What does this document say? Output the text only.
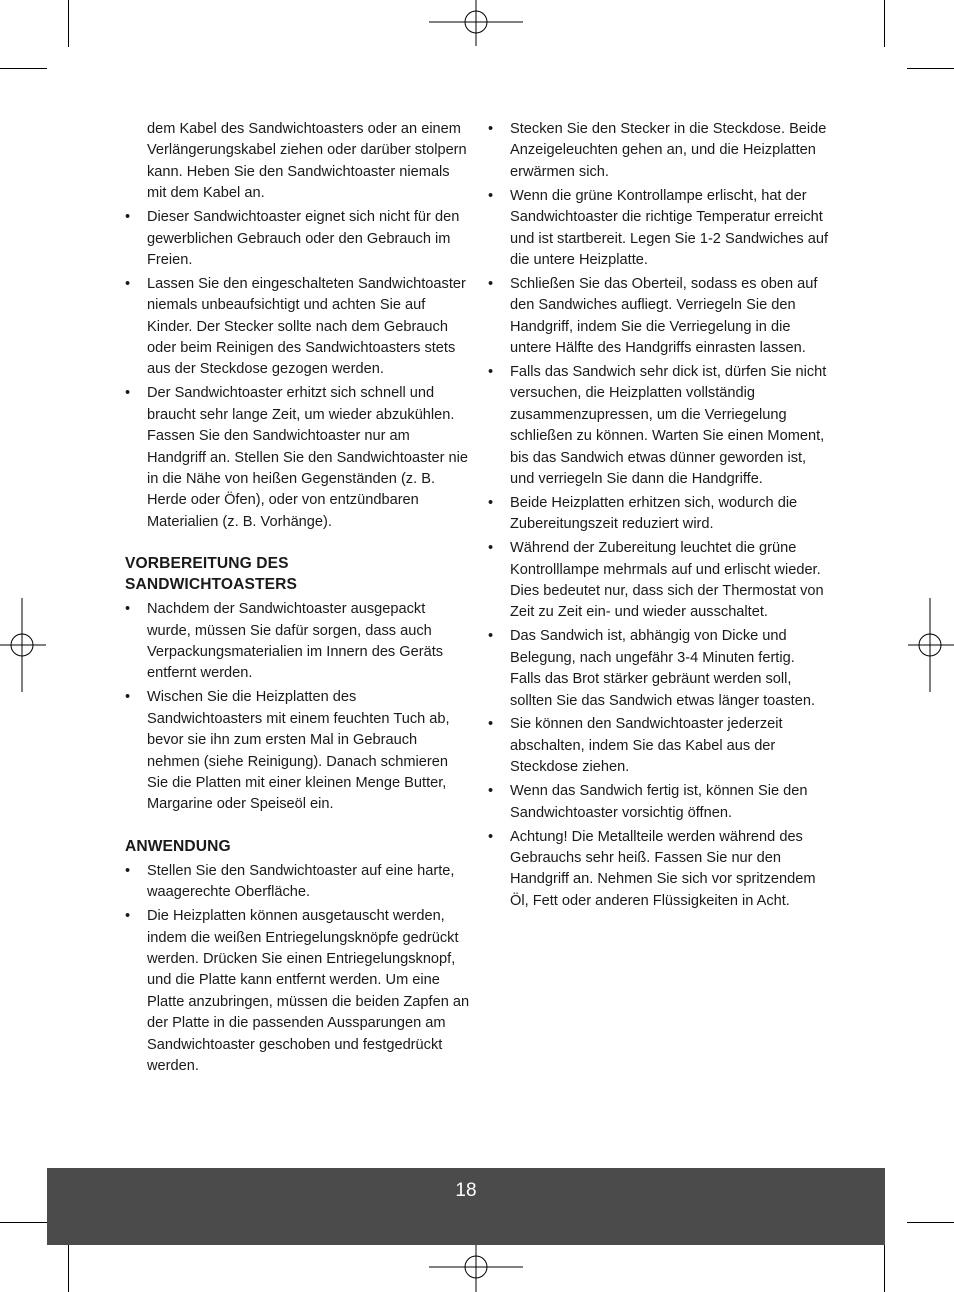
dem Kabel des Sandwichtoasters oder an einem Verlängerungskabel ziehen oder darüber stolpern kann. Heben Sie den Sandwichtoaster niemals mit dem Kabel an.

• Dieser Sandwichtoaster eignet sich nicht für den gewerblichen Gebrauch oder den Gebrauch im Freien.
• Lassen Sie den eingeschalteten Sandwichtoaster niemals unbeaufsichtigt und achten Sie auf Kinder. Der Stecker sollte nach dem Gebrauch oder beim Reinigen des Sandwichtoasters stets aus der Steckdose gezogen werden.
• Der Sandwichtoaster erhitzt sich schnell und braucht sehr lange Zeit, um wieder abzukühlen. Fassen Sie den Sandwichtoaster nur am Handgriff an. Stellen Sie den Sandwichtoaster nie in die Nähe von heißen Gegenständen (z. B. Herde oder Öfen), oder von entzündbaren Materialien (z. B. Vorhänge).
VORBEREITUNG DES
SANDWICHTOASTERS
• Nachdem der Sandwichtoaster ausgepackt wurde, müssen Sie dafür sorgen, dass auch Verpackungsmaterialien im Innern des Geräts entfernt werden.
• Wischen Sie die Heizplatten des Sandwichtoasters mit einem feuchten Tuch ab, bevor sie ihn zum ersten Mal in Gebrauch nehmen (siehe Reinigung). Danach schmieren Sie die Platten mit einer kleinen Menge Butter, Margarine oder Speiseöl ein.
ANWENDUNG
• Stellen Sie den Sandwichtoaster auf eine harte, waagerechte Oberfläche.
• Die Heizplatten können ausgetauscht werden, indem die weißen Entriegelungsknöpfe gedrückt werden. Drücken Sie einen Entriegelungsknopf, und die Platte kann entfernt werden. Um eine Platte anzubringen, müssen die beiden Zapfen an der Platte in die passenden Aussparungen am Sandwichtoaster geschoben und festgedrückt werden.
• Stecken Sie den Stecker in die Steckdose. Beide Anzeigeleuchten gehen an, und die Heizplatten erwärmen sich.
• Wenn die grüne Kontrollampe erlischt, hat der Sandwichtoaster die richtige Temperatur erreicht und ist startbereit. Legen Sie 1-2 Sandwiches auf die untere Heizplatte.
• Schließen Sie das Oberteil, sodass es oben auf den Sandwiches aufliegt. Verriegeln Sie den Handgriff, indem Sie die Verriegelung in die untere Hälfte des Handgriffs einrasten lassen.
• Falls das Sandwich sehr dick ist, dürfen Sie nicht versuchen, die Heizplatten vollständig zusammenzupressen, um die Verriegelung schließen zu können. Warten Sie einen Moment, bis das Sandwich etwas dünner geworden ist, und verriegeln Sie dann die Handgriffe.
• Beide Heizplatten erhitzen sich, wodurch die Zubereitungszeit reduziert wird.
• Während der Zubereitung leuchtet die grüne Kontrolllampe mehrmals auf und erlischt wieder. Dies bedeutet nur, dass sich der Thermostat von Zeit zu Zeit ein- und wieder ausschaltet.
• Das Sandwich ist, abhängig von Dicke und Belegung, nach ungefähr 3-4 Minuten fertig. Falls das Brot stärker gebräunt werden soll, sollten Sie das Sandwich etwas länger toasten.
• Sie können den Sandwichtoaster jederzeit abschalten, indem Sie das Kabel aus der Steckdose ziehen.
• Wenn das Sandwich fertig ist, können Sie den Sandwichtoaster vorsichtig öffnen.
• Achtung! Die Metallteile werden während des Gebrauchs sehr heiß. Fassen Sie nur den Handgriff an. Nehmen Sie sich vor spritzendem Öl, Fett oder anderen Flüssigkeiten in Acht.
18
